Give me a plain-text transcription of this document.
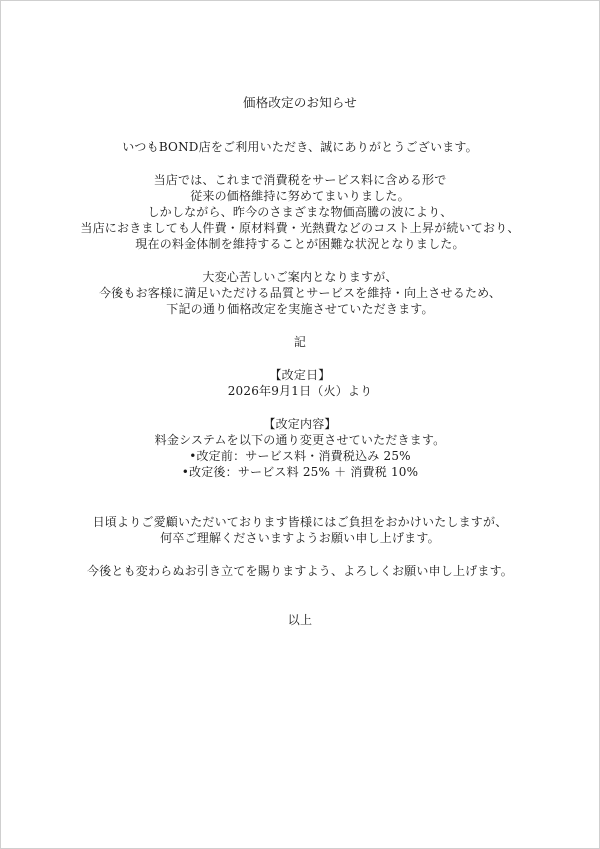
価格改定のお知らせ
いつもBOND店をご利用いただき、誠にありがとうございます。
当店では、これまで消費税をサービス料に含める形で
従来の価格維持に努めてまいりました。
しかしながら、昨今のさまざまな物価高騰の波により、
当店におきましても人件費・原材料費・光熱費などのコスト上昇が続いており、
現在の料金体制を維持することが困難な状況となりました。
大変心苦しいご案内となりますが、
今後もお客様に満足いただける品質とサービスを維持・向上させるため、
下記の通り価格改定を実施させていただきます。
記
【改定日】
2026年9月1日（火）より
【改定内容】
料金システムを以下の通り変更させていただきます。
•改定前：サービス料・消費税込み 25%
•改定後：サービス料 25% ＋ 消費税 10%
日頃よりご愛顧いただいております皆様にはご負担をおかけいたしますが、
何卒ご理解くださいますようお願い申し上げます。
今後とも変わらぬお引き立てを賜りますよう、よろしくお願い申し上げます。
以上
